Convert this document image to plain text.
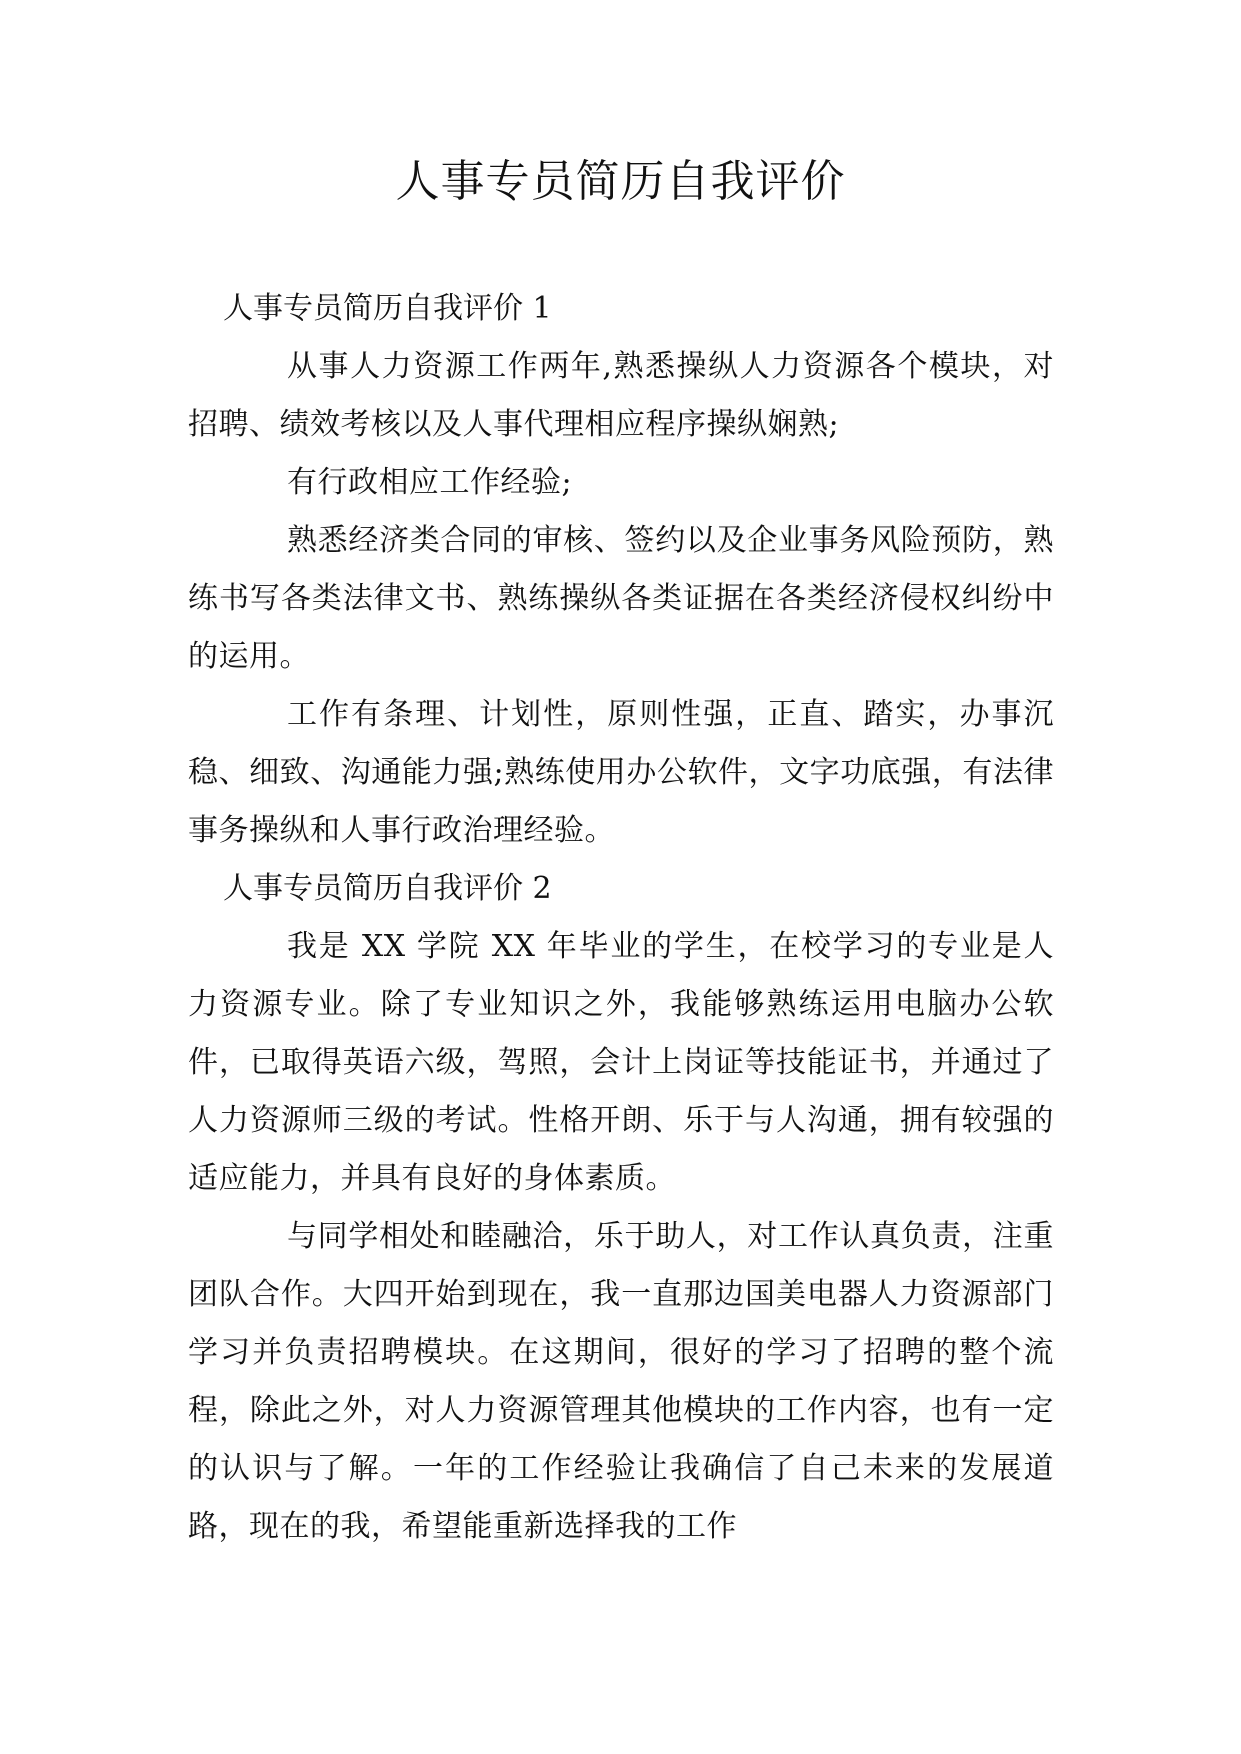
人事专员简历自我评价

人事专员简历自我评价 1

从事人力资源工作两年,熟悉操纵人力资源各个模块，对招聘、绩效考核以及人事代理相应程序操纵娴熟;

有行政相应工作经验;

熟悉经济类合同的审核、签约以及企业事务风险预防，熟练书写各类法律文书、熟练操纵各类证据在各类经济侵权纠纷中的运用。

工作有条理、计划性，原则性强，正直、踏实，办事沉稳、细致、沟通能力强;熟练使用办公软件，文字功底强，有法律事务操纵和人事行政治理经验。

人事专员简历自我评价 2

我是 XX 学院 XX 年毕业的学生，在校学习的专业是人力资源专业。除了专业知识之外，我能够熟练运用电脑办公软件，已取得英语六级，驾照，会计上岗证等技能证书，并通过了人力资源师三级的考试。性格开朗、乐于与人沟通，拥有较强的适应能力，并具有良好的身体素质。

与同学相处和睦融洽，乐于助人，对工作认真负责，注重团队合作。大四开始到现在，我一直那边国美电器人力资源部门学习并负责招聘模块。在这期间，很好的学习了招聘的整个流程，除此之外，对人力资源管理其他模块的工作内容，也有一定的认识与了解。一年的工作经验让我确信了自己未来的发展道路，现在的我，希望能重新选择我的工作
